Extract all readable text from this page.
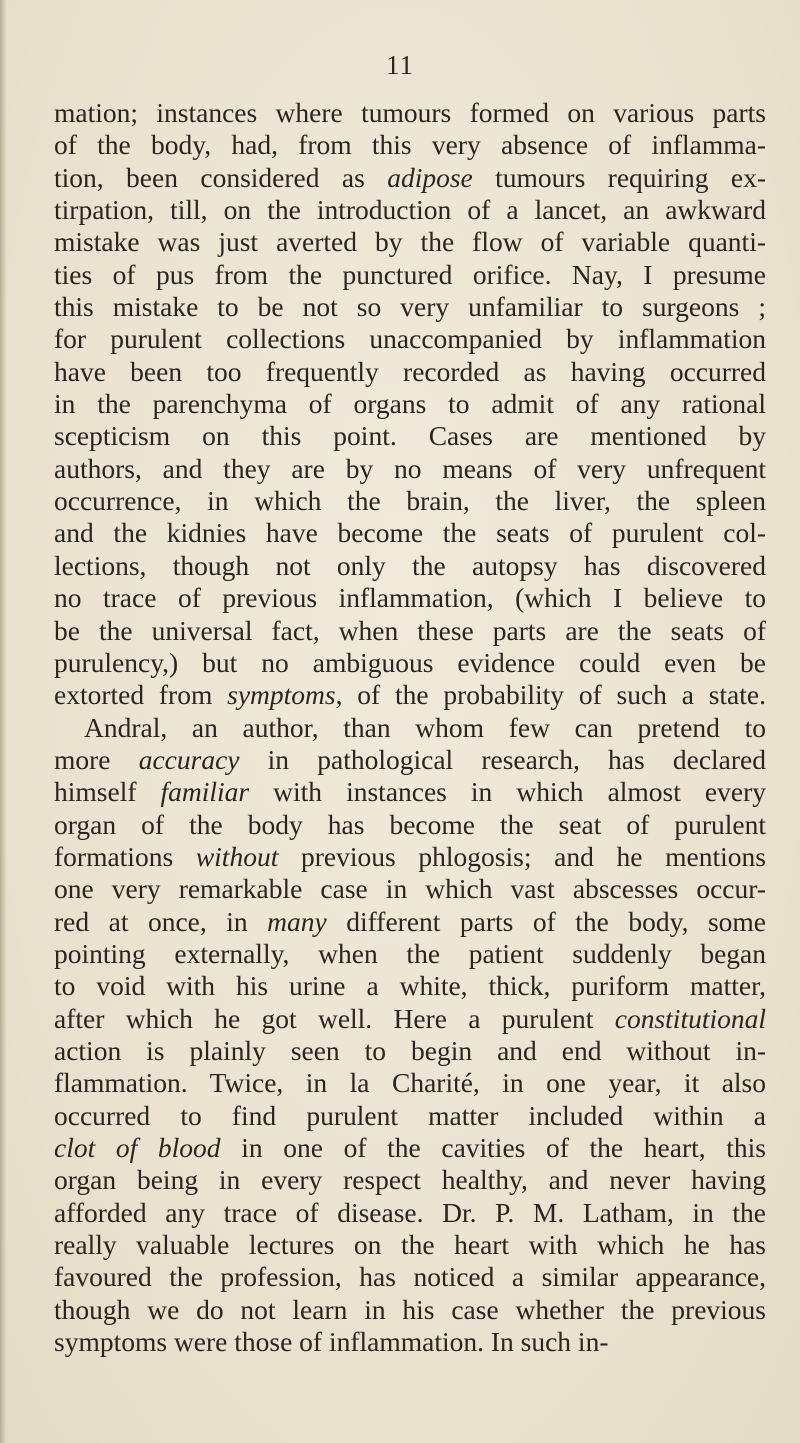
11
mation; instances where tumours formed on various parts
of the body, had, from this very absence of inflamma-
tion, been considered as adipose tumours requiring ex-
tirpation, till, on the introduction of a lancet, an awkward
mistake was just averted by the flow of variable quanti-
ties of pus from the punctured orifice. Nay, I presume
this mistake to be not so very unfamiliar to surgeons ;
for purulent collections unaccompanied by inflammation
have been too frequently recorded as having occurred
in the parenchyma of organs to admit of any rational
scepticism on this point. Cases are mentioned by
authors, and they are by no means of very unfrequent
occurrence, in which the brain, the liver, the spleen
and the kidnies have become the seats of purulent col-
lections, though not only the autopsy has discovered
no trace of previous inflammation, (which I believe to
be the universal fact, when these parts are the seats of
purulency,) but no ambiguous evidence could even be
extorted from symptoms, of the probability of such a state.
Andral, an author, than whom few can pretend to
more accuracy in pathological research, has declared
himself familiar with instances in which almost every
organ of the body has become the seat of purulent
formations without previous phlogosis; and he mentions
one very remarkable case in which vast abscesses occur-
red at once, in many different parts of the body, some
pointing externally, when the patient suddenly began
to void with his urine a white, thick, puriform matter,
after which he got well. Here a purulent constitutional
action is plainly seen to begin and end without in-
flammation. Twice, in la Charité, in one year, it also
occurred to find purulent matter included within a
clot of blood in one of the cavities of the heart, this
organ being in every respect healthy, and never having
afforded any trace of disease. Dr. P. M. Latham, in the
really valuable lectures on the heart with which he has
favoured the profession, has noticed a similar appearance,
though we do not learn in his case whether the previous
symptoms were those of inflammation. In such in-
